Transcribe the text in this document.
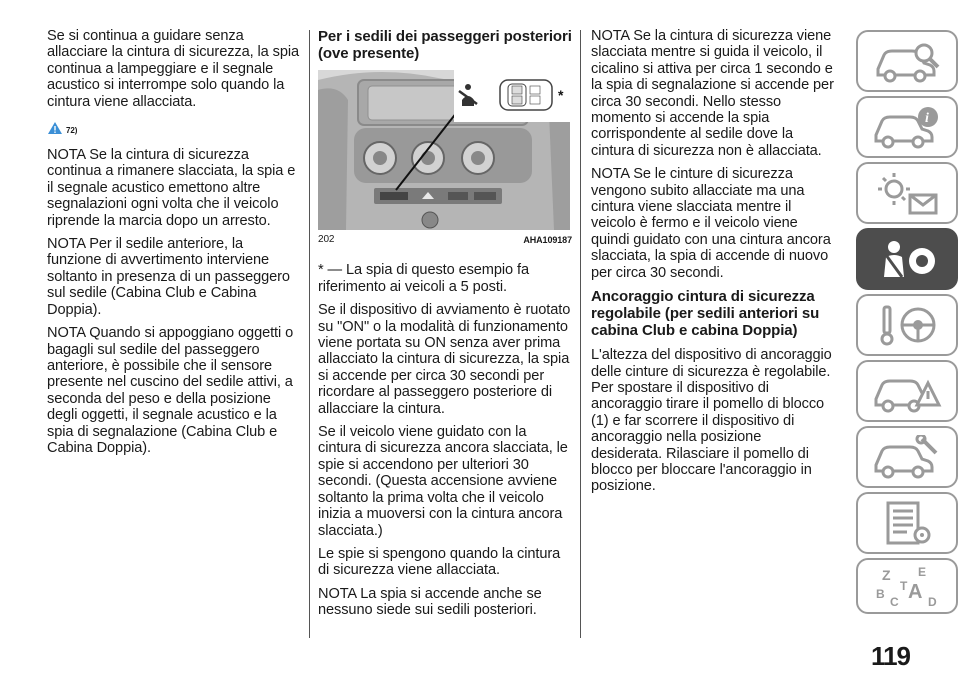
Se si continua a guidare senza allacciare la cintura di sicurezza, la spia continua a lampeggiare e il segnale acustico si interrompe solo quando la cintura viene allacciata.

72)

NOTA Se la cintura di sicurezza continua a rimanere slacciata, la spia e il segnale acustico emettono altre segnalazioni ogni volta che il veicolo riprende la marcia dopo un arresto.

NOTA Per il sedile anteriore, la funzione di avvertimento interviene soltanto in presenza di un passeggero sul sedile (Cabina Club e Cabina Doppia).

NOTA Quando si appoggiano oggetti o bagagli sul sedile del passeggero anteriore, è possibile che il sensore presente nel cuscino del sedile attivi, a seconda del peso e della posizione degli oggetti, il segnale acustico e la spia di segnalazione (Cabina Club e Cabina Doppia).

Per i sedili dei passeggeri posteriori (ove presente)
*
202	AHA109187

* — La spia di questo esempio fa riferimento ai veicoli a 5 posti.

Se il dispositivo di avviamento è ruotato su "ON" o la modalità di funzionamento viene portata su ON senza aver prima allacciato la cintura di sicurezza, la spia si accende per circa 30 secondi per ricordare al passeggero posteriore di allacciare la cintura.

Se il veicolo viene guidato con la cintura di sicurezza ancora slacciata, le spie si accendono per ulteriori 30 secondi. (Questa accensione avviene soltanto la prima volta che il veicolo inizia a muoversi con la cintura ancora slacciata.)

Le spie si spengono quando la cintura di sicurezza viene allacciata.

NOTA La spia si accende anche se nessuno siede sui sedili posteriori.

NOTA Se la cintura di sicurezza viene slacciata mentre si guida il veicolo, il cicalino si attiva per circa 1 secondo e la spia di segnalazione si accende per circa 30 secondi. Nello stesso momento si accende la spia corrispondente al sedile dove la cintura di sicurezza non è allacciata.

NOTA Se le cinture di sicurezza vengono subito allacciate ma una cintura viene slacciata mentre il veicolo è fermo e il veicolo viene quindi guidato con una cintura ancora slacciata, la spia di accende di nuovo per circa 30 secondi.

Ancoraggio cintura di sicurezza regolabile (per sedili anteriori su cabina Club e cabina Doppia)

L'altezza del dispositivo di ancoraggio delle cinture di sicurezza è regolabile. Per spostare il dispositivo di ancoraggio tirare il pomello di blocco (1) e far scorrere il dispositivo di ancoraggio nella posizione desiderata. Rilasciare il pomello di blocco per bloccare l'ancoraggio in posizione.

i
Z E
B A
C
T
D
119
